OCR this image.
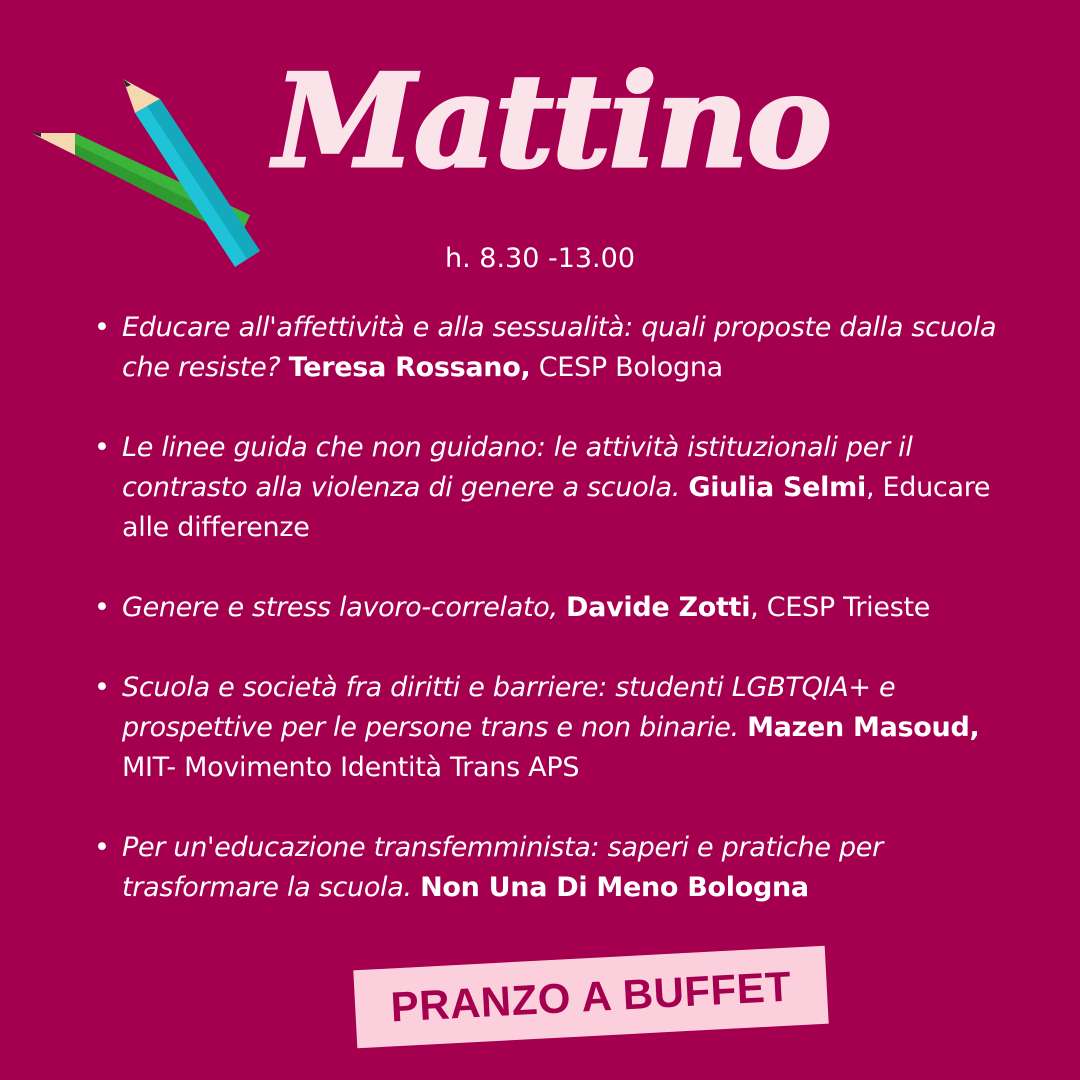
Mattino
h. 8.30 -13.00
• Educare all'affettività e alla sessualità: quali proposte dalla scuola che resiste? Teresa Rossano, CESP Bologna
• Le linee guida che non guidano: le attività istituzionali per il contrasto alla violenza di genere a scuola. Giulia Selmi, Educare alle differenze
• Genere e stress lavoro-correlato, Davide Zotti, CESP Trieste
• Scuola e società fra diritti e barriere: studenti LGBTQIA+ e prospettive per le persone trans e non binarie. Mazen Masoud, MIT- Movimento Identità Trans APS
• Per un'educazione transfemminista: saperi e pratiche per trasformare la scuola. Non Una Di Meno Bologna
PRANZO A BUFFET
